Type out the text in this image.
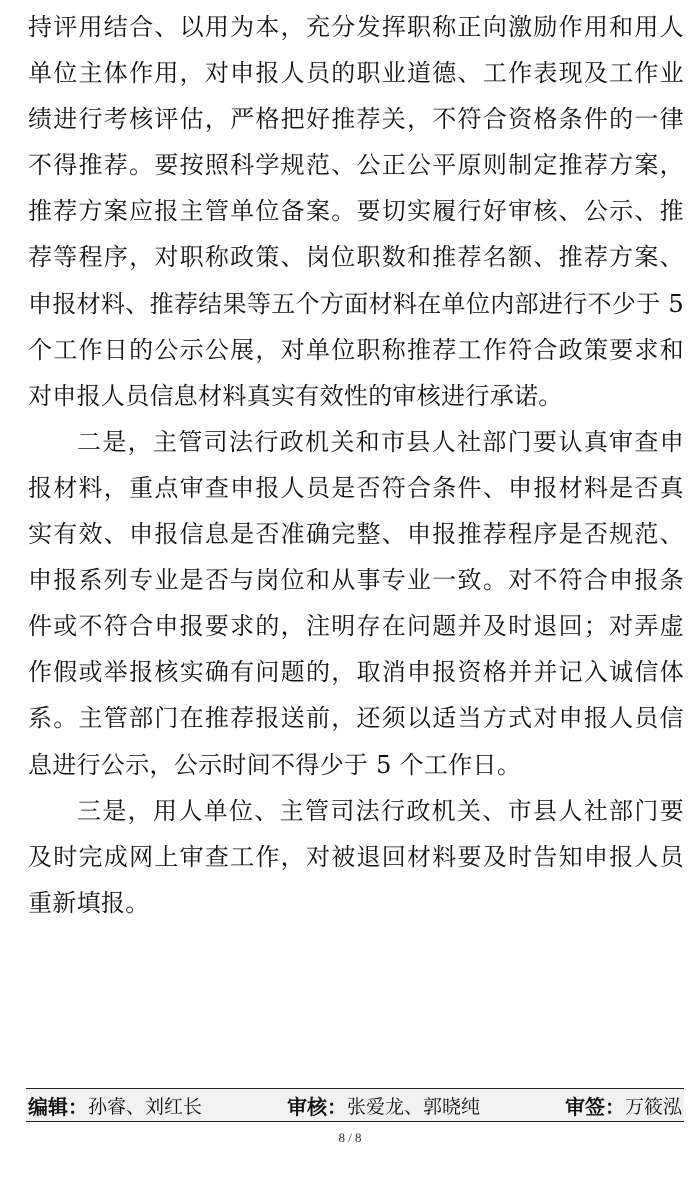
持评用结合、以用为本，充分发挥职称正向激励作用和用人单位主体作用，对申报人员的职业道德、工作表现及工作业绩进行考核评估，严格把好推荐关，不符合资格条件的一律不得推荐。要按照科学规范、公正公平原则制定推荐方案，推荐方案应报主管单位备案。要切实履行好审核、公示、推荐等程序，对职称政策、岗位职数和推荐名额、推荐方案、申报材料、推荐结果等五个方面材料在单位内部进行不少于 5 个工作日的公示公展，对单位职称推荐工作符合政策要求和对申报人员信息材料真实有效性的审核进行承诺。

二是，主管司法行政机关和市县人社部门要认真审查申报材料，重点审查申报人员是否符合条件、申报材料是否真实有效、申报信息是否准确完整、申报推荐程序是否规范、申报系列专业是否与岗位和从事专业一致。对不符合申报条件或不符合申报要求的，注明存在问题并及时退回；对弄虚作假或举报核实确有问题的，取消申报资格并并记入诚信体系。主管部门在推荐报送前，还须以适当方式对申报人员信息进行公示，公示时间不得少于 5 个工作日。

三是，用人单位、主管司法行政机关、市县人社部门要及时完成网上审查工作，对被退回材料要及时告知申报人员重新填报。

编辑： 孙睿、刘红长	审核： 张爱龙、郭晓纯	审签： 万筱泓
8 / 8
